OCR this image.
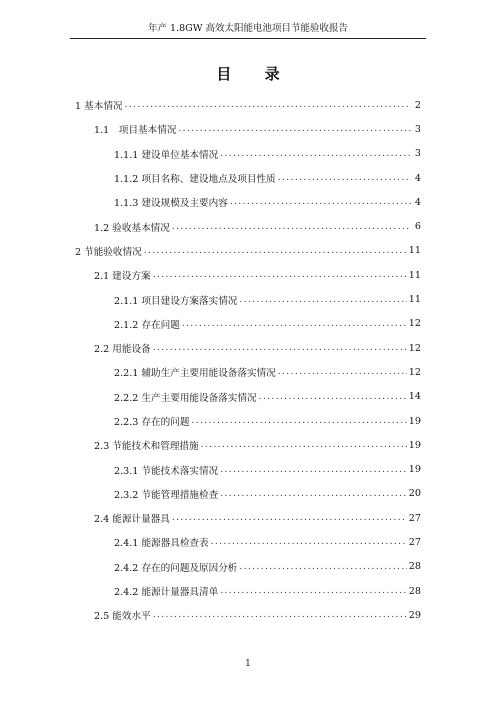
年产 1.8GW 高效太阳能电池项目节能验收报告
目 录
1 基本情况 .....	2
1.1　项目基本情况 .....	3
1.1.1 建设单位基本情况 .....	3
1.1.2 项目名称、建设地点及项目性质 .....	4
1.1.3 建设规模及主要内容 .....	4
1.2 验收基本情况 .....	6
2 节能验收情况 .....	11
2.1 建设方案 .....	11
2.1.1 项目建设方案落实情况 .....	11
2.1.2 存在问题 .....	12
2.2 用能设备 .....	12
2.2.1 辅助生产主要用能设备落实情况 .....	12
2.2.2 生产主要用能设备落实情况 .....	14
2.2.3 存在的问题 .....	19
2.3 节能技术和管理措施 .....	19
2.3.1 节能技术落实情况 .....	19
2.3.2 节能管理措施检查 .....	20
2.4 能源计量器具 .....	27
2.4.1 能源器具检查表 .....	27
2.4.2 存在的问题及原因分析 .....	28
2.4.2 能源计量器具清单 .....	28
2.5 能效水平 .....	29
1
